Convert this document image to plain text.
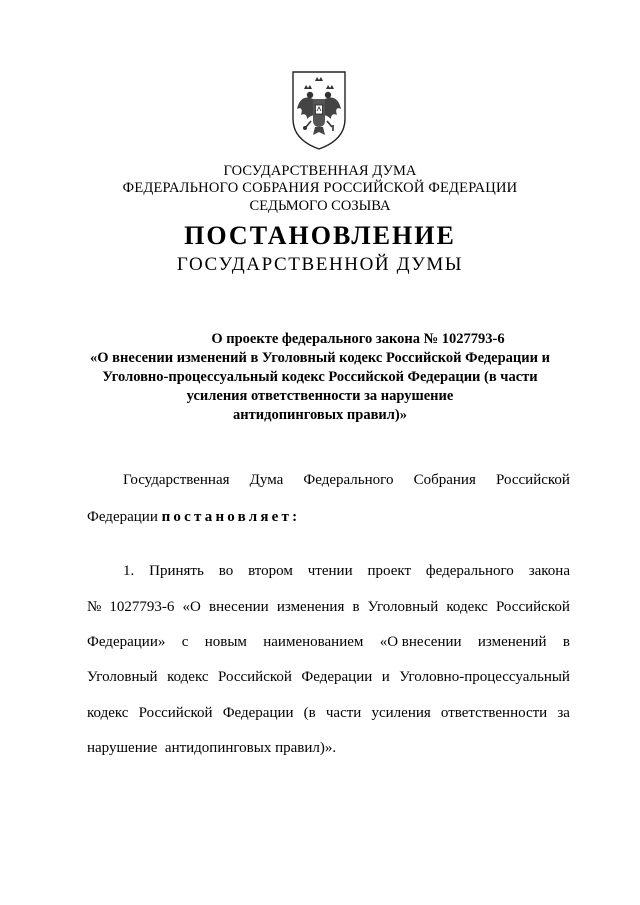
ГОСУДАРСТВЕННАЯ ДУМА
ФЕДЕРАЛЬНОГО СОБРАНИЯ РОССИЙСКОЙ ФЕДЕРАЦИИ
СЕДЬМОГО СОЗЫВА
ПОСТАНОВЛЕНИЕ
ГОСУДАРСТВЕННОЙ ДУМЫ
О проекте федерального закона № 1027793-6
«О внесении изменений в Уголовный кодекс Российской Федерации и
Уголовно-процессуальный кодекс Российской Федерации (в части
усиления ответственности за нарушение
антидопинговых правил)»
Государственная Дума Федерального Собрания Российской
Федерации постановляет:
1. Принять во втором чтении проект федерального закона
№ 1027793-6 «О внесении изменения в Уголовный кодекс Российской
Федерации» с новым наименованием «О внесении изменений в
Уголовный кодекс Российской Федерации и Уголовно-процессуальный
кодекс Российской Федерации (в части усиления ответственности за
нарушение  антидопинговых правил)».
